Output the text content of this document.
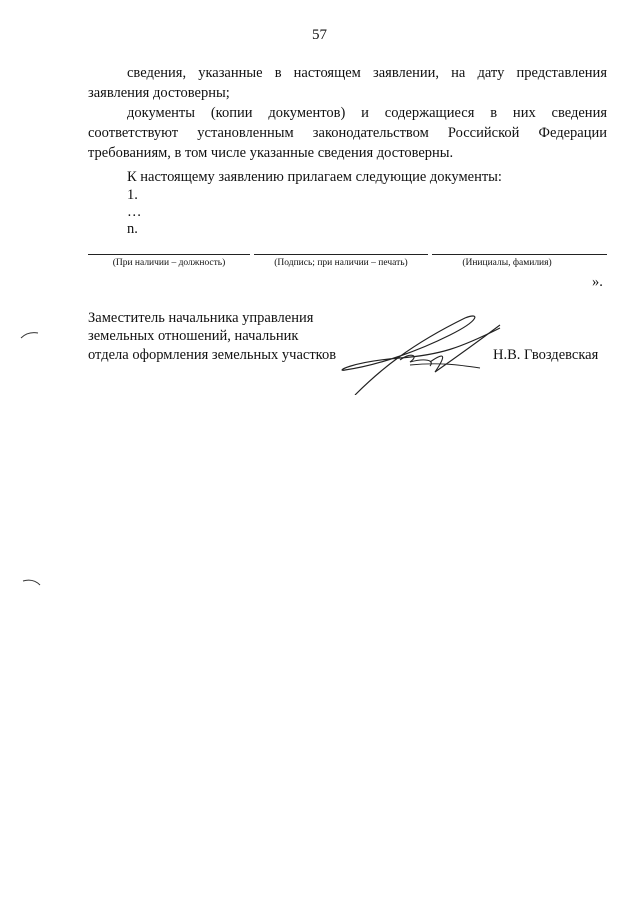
57
сведения, указанные в настоящем заявлении, на дату представления
заявления достоверны;
документы (копии документов) и содержащиеся в них сведения
соответствуют установленным законодательством Российской Федерации
требованиям, в том числе указанные сведения достоверны.
К настоящему заявлению прилагаем следующие документы:
1.
…
n.
(При наличии – должность)	(Подпись; при наличии – печать)	(Инициалы, фамилия)
».
Заместитель начальника управления
земельных отношений, начальник
отдела оформления земельных участков	Н.В. Гвоздевская
